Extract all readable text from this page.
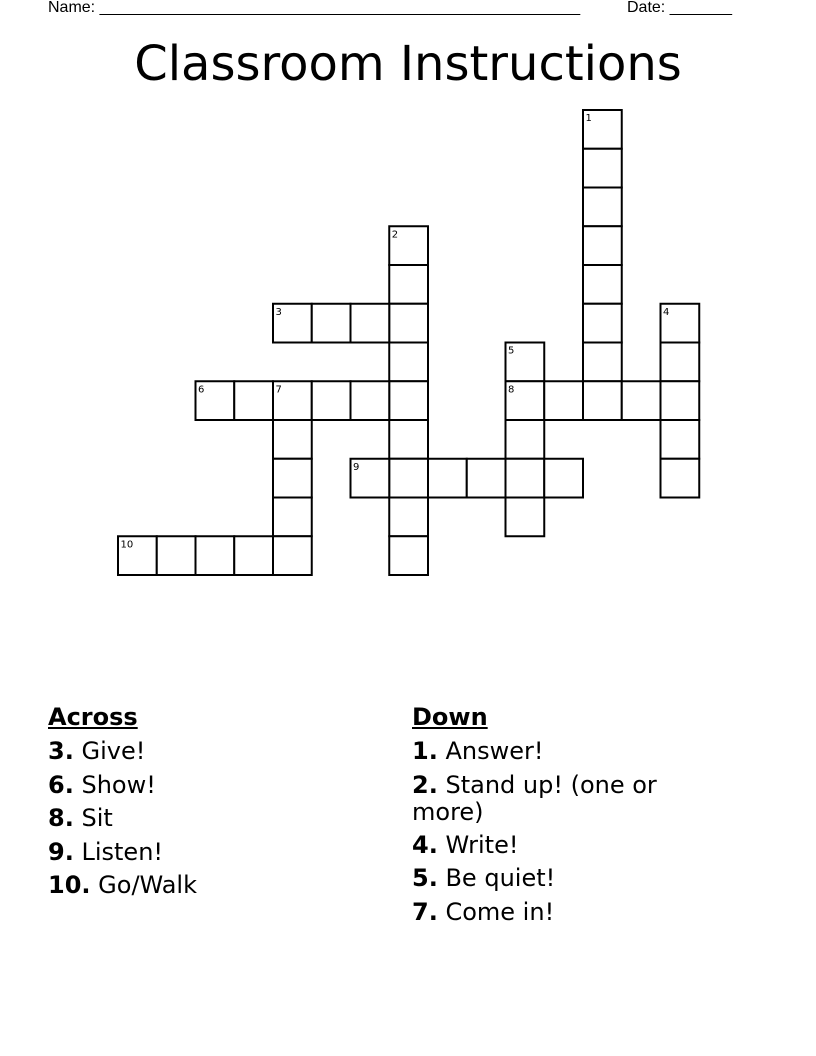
Name: ______________________________________________________	Date: _______
Classroom Instructions
1
2
3	4
5
6	7	8
9
10

Across

3. Give!

6. Show!

8. Sit

9. Listen!

10. Go/Walk

Down

1. Answer!

2. Stand up! (one or more)

4. Write!

5. Be quiet!

7. Come in!
